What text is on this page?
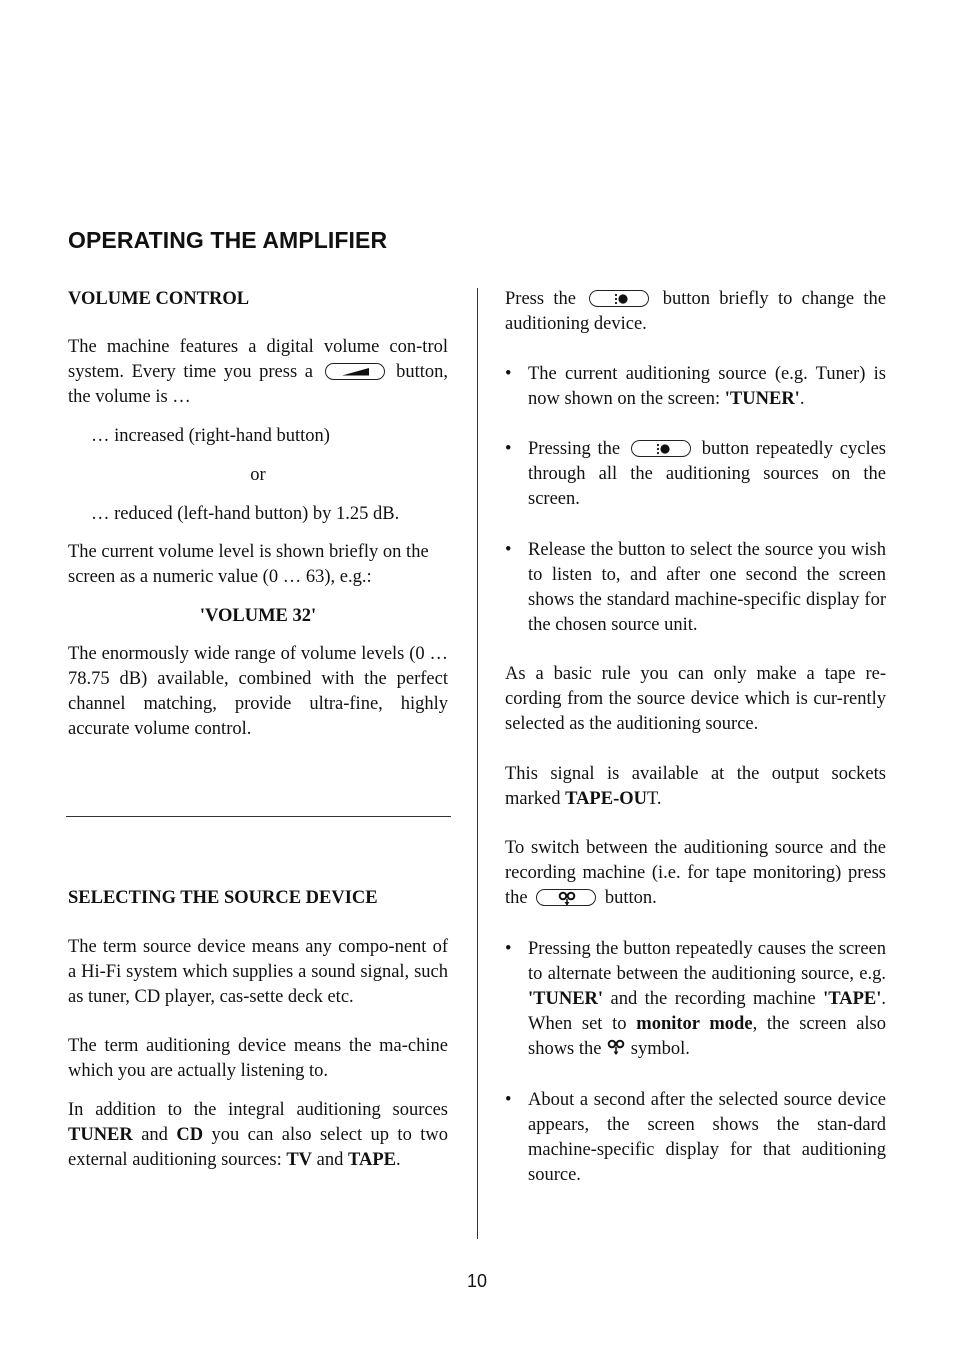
OPERATING THE AMPLIFIER

VOLUME CONTROL

The machine features a digital volume con-trol system. Every time you press a	button, the volume is …

… increased (right-hand button)

or

… reduced (left-hand button) by 1.25 dB.

The current volume level is shown briefly on the screen as a numeric value (0 … 63), e.g.:

'VOLUME 32'

The enormously wide range of volume levels (0 … 78.75 dB) available, combined with the perfect channel matching, provide ultra-fine, highly accurate volume control.

SELECTING THE SOURCE DEVICE

The term source device means any compo-nent of a Hi-Fi system which supplies a sound signal, such as tuner, CD player, cas-sette deck etc.

The term auditioning device means the ma-chine which you are actually listening to.

In addition to the integral auditioning sources TUNER and CD you can also select up to two external auditioning sources: TV and TAPE.

Press the	button briefly to change the auditioning device.

• The current auditioning source (e.g. Tuner) is now shown on the screen: 'TUNER'.

• Pressing the	button repeatedly cycles through all the auditioning sources on the screen.

• Release the button to select the source you wish to listen to, and after one second the screen shows the standard machine-specific display for the chosen source unit.

As a basic rule you can only make a tape re-cording from the source device which is cur-rently selected as the auditioning source.

This signal is available at the output sockets marked TAPE-OUT.

To switch between the auditioning source and the recording machine (i.e. for tape monitoring) press the	button.

• Pressing the button repeatedly causes the screen to alternate between the auditioning source, e.g. 'TUNER' and the recording machine 'TAPE'. When set to monitor mode, the screen also shows the symbol.

• About a second after the selected source device appears, the screen shows the stan-dard machine-specific display for that auditioning source.

10
